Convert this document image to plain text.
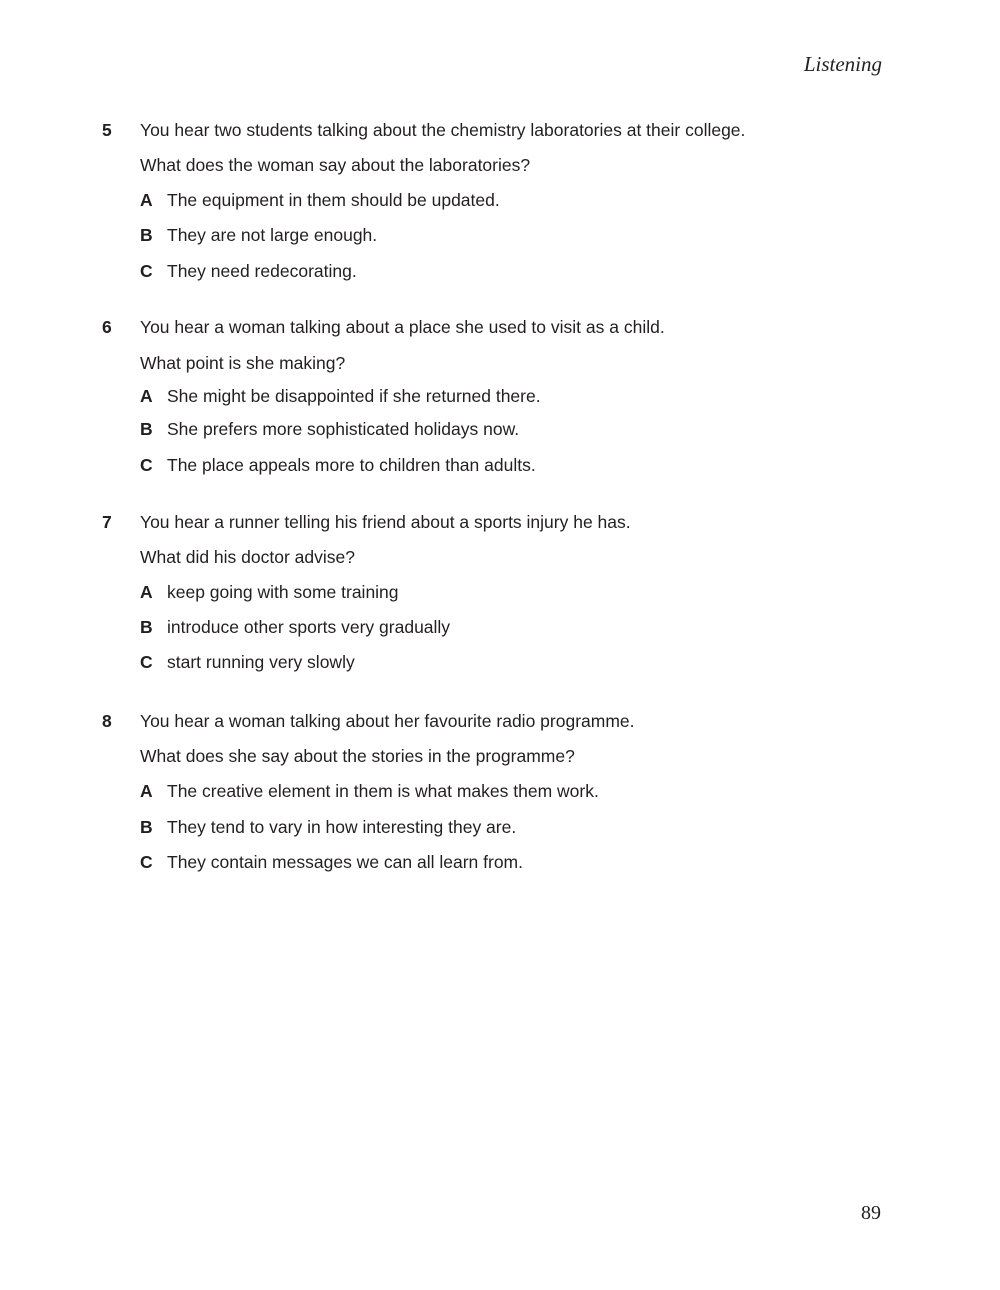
Listening
5 You hear two students talking about the chemistry laboratories at their college.
What does the woman say about the laboratories?
A The equipment in them should be updated.
B They are not large enough.
C They need redecorating.
6 You hear a woman talking about a place she used to visit as a child.
What point is she making?
A She might be disappointed if she returned there.
B She prefers more sophisticated holidays now.
C The place appeals more to children than adults.
7 You hear a runner telling his friend about a sports injury he has.
What did his doctor advise?
A keep going with some training
B introduce other sports very gradually
C start running very slowly
8 You hear a woman talking about her favourite radio programme.
What does she say about the stories in the programme?
A The creative element in them is what makes them work.
B They tend to vary in how interesting they are.
C They contain messages we can all learn from.
89
